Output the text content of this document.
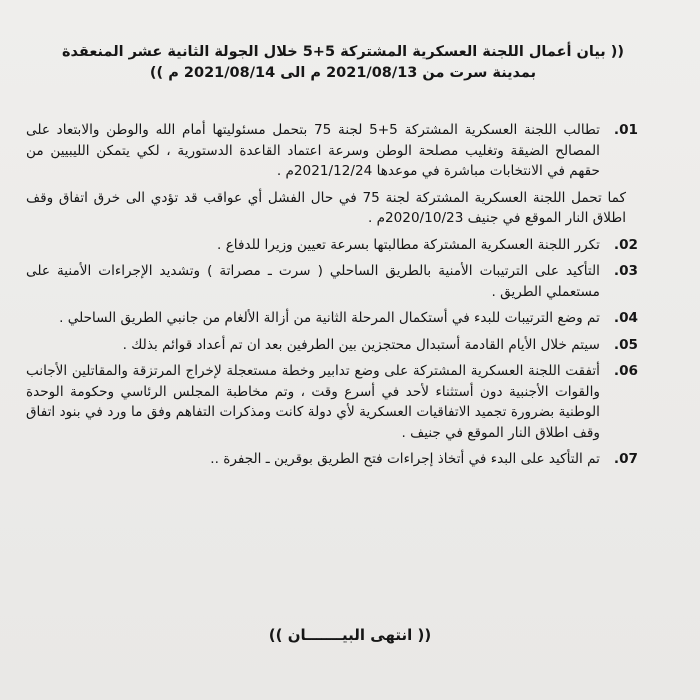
(( بيان أعمال اللجنة العسكرية المشتركة 5+5 خلال الجولة الثانية عشر المنعقدة
بمدينة سرت من 2021/08/13 م الى 2021/08/14 م ))
.01
تطالب اللجنة العسكرية المشتركة 5+5 لجنة 75 بتحمل مسئوليتها أمام الله والوطن والابتعاد على المصالح الضيقة وتغليب مصلحة الوطن وسرعة اعتماد القاعدة الدستورية ، لكي يتمكن الليبيين من حقهم في الانتخابات مباشرة في موعدها 2021/12/24م .
كما تحمل اللجنة العسكرية المشتركة لجنة 75 في حال الفشل أي عواقب قد تؤدي الى خرق اتفاق وقف اطلاق النار الموقع في جنيف 2020/10/23م .
.02
تكرر اللجنة العسكرية المشتركة مطالبتها بسرعة تعيين وزيرا للدفاع .
.03
التأكيد على الترتيبات الأمنية بالطريق الساحلي ( سرت ـ مصراتة ) وتشديد الإجراءات الأمنية على مستعملي الطريق .
.04
تم وضع الترتيبات للبدء في أستكمال المرحلة الثانية من أزالة الألغام من جانبي الطريق الساحلي .
.05
سيتم خلال الأيام القادمة أستبدال محتجزين بين الطرفين بعد ان تم أعداد قوائم بذلك .
.06
أتفقت اللجنة العسكرية المشتركة على وضع تدابير وخطة مستعجلة لإخراج المرتزقة والمقاتلين الأجانب والقوات الأجنبية دون أستثناء لأحد في أسرع وقت ، وتم مخاطبة المجلس الرئاسي وحكومة الوحدة الوطنية بضرورة تجميد الاتفاقيات العسكرية لأي دولة كانت ومذكرات التفاهم وفق ما ورد في بنود اتفاق وقف اطلاق النار الموقع في جنيف .
.07
تم التأكيد على البدء في أتخاذ إجراءات فتح الطريق بوقرين ـ الجفرة ..
(( انتهى البيـــــــان ))
